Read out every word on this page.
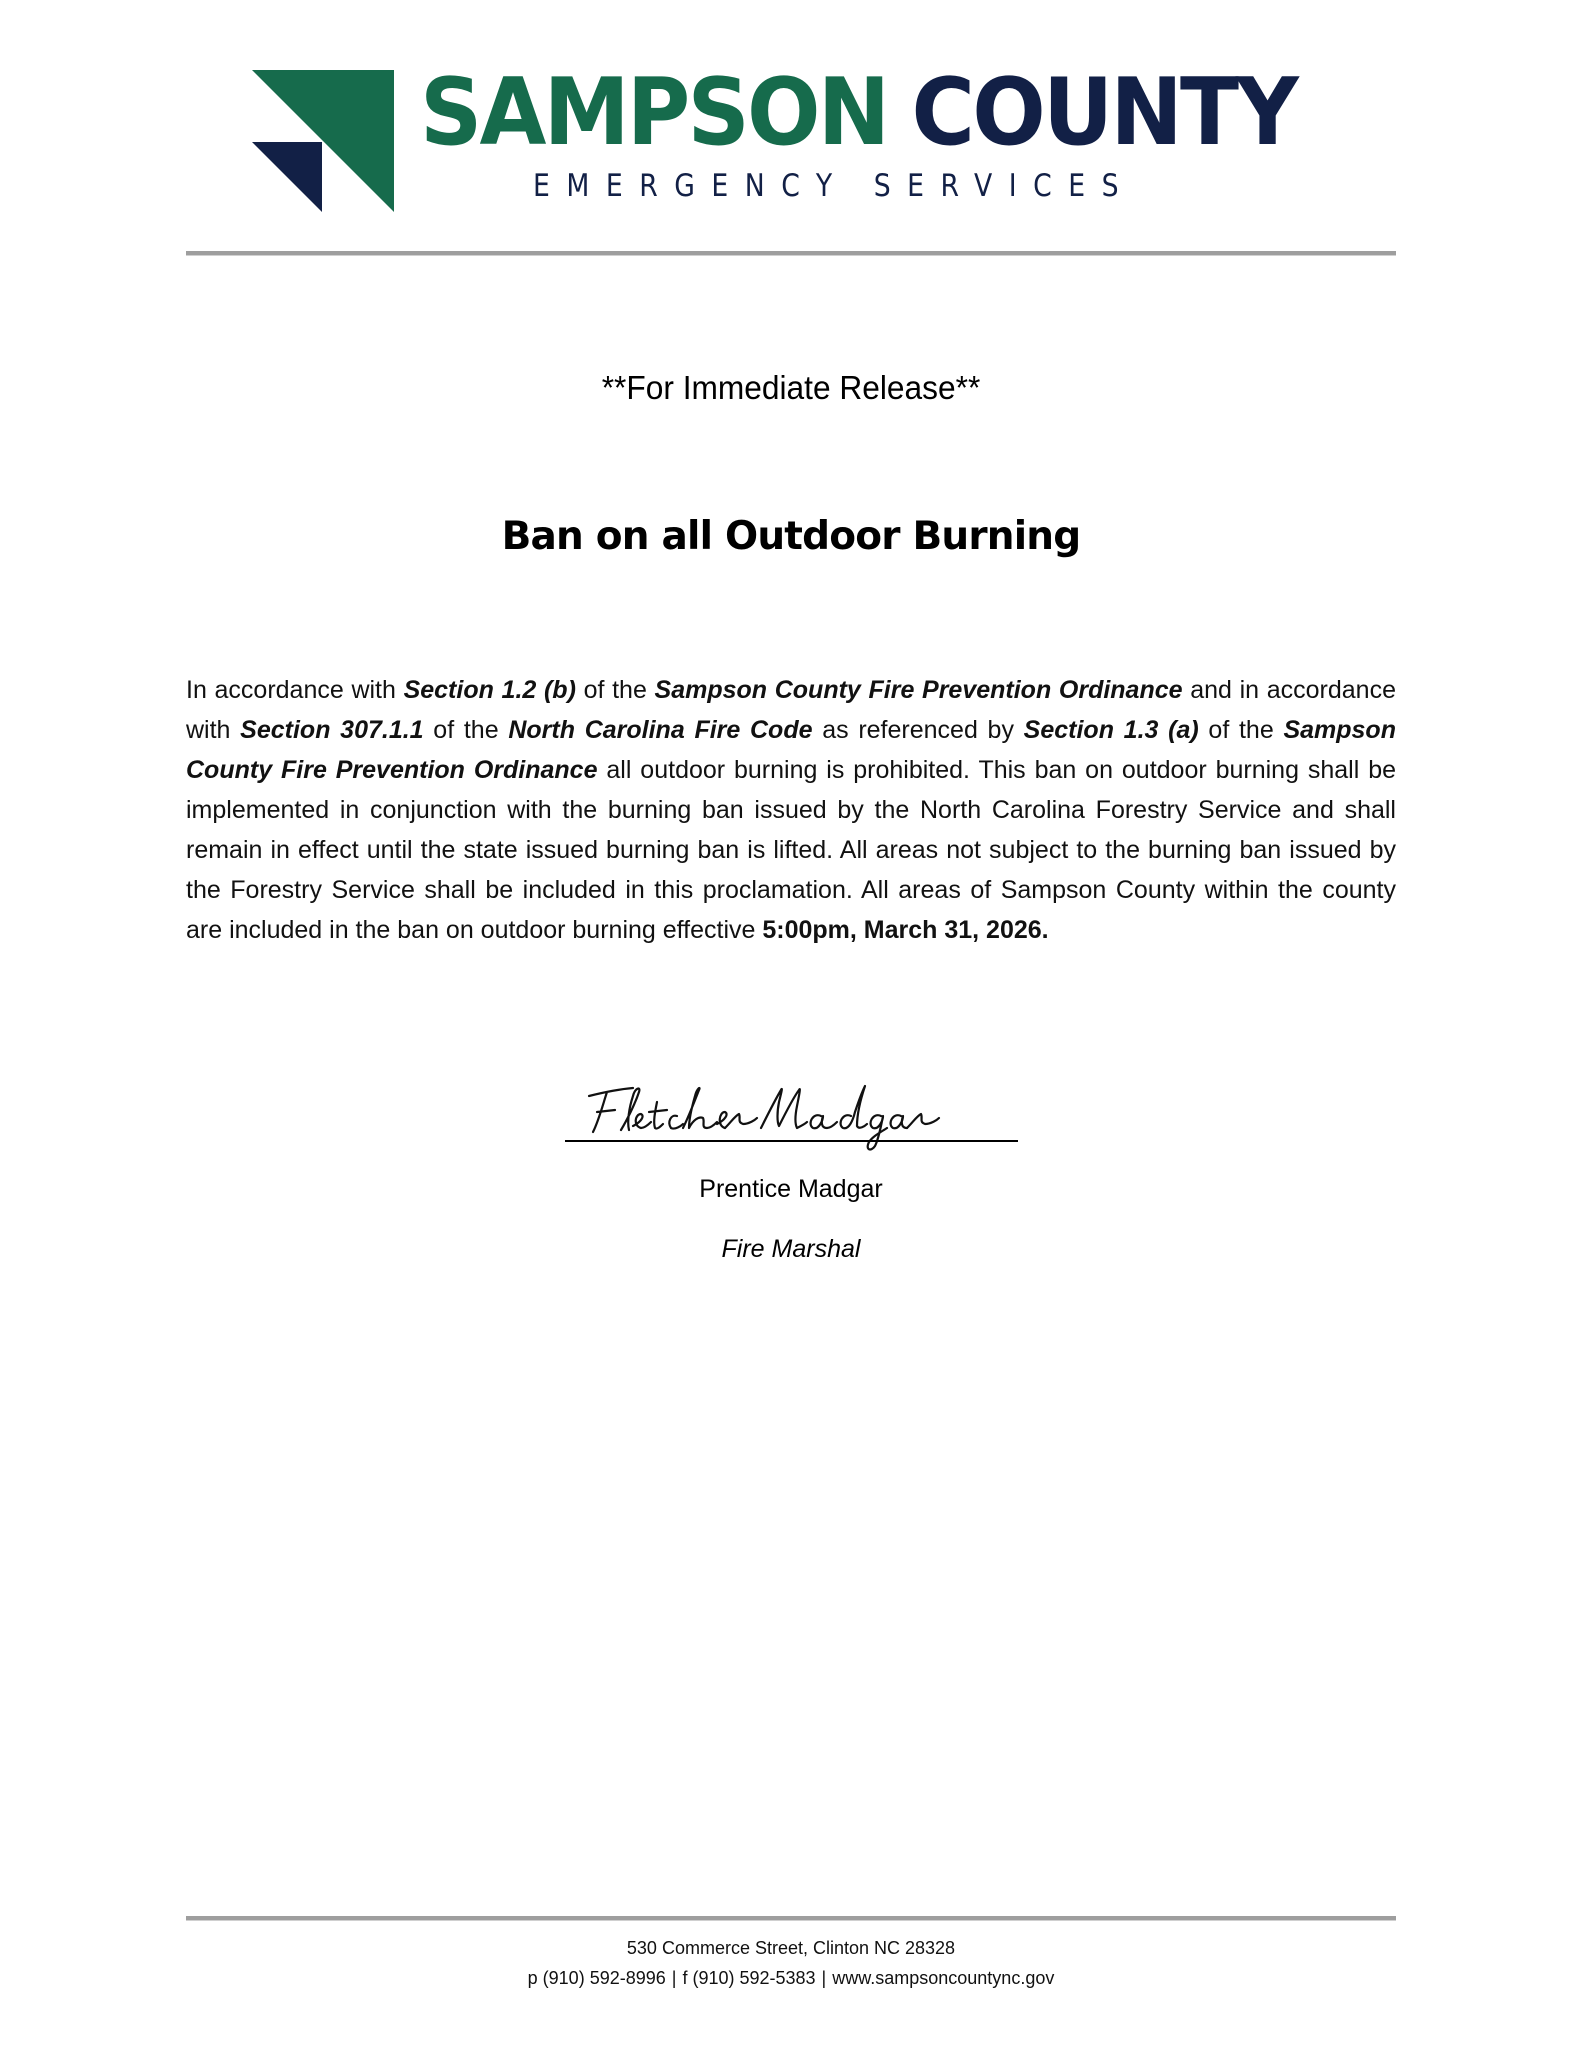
SAMPSON COUNTY
EMERGENCY SERVICES
**For Immediate Release**
Ban on all Outdoor Burning

In accordance with Section 1.2 (b) of the Sampson County Fire Prevention Ordinance and in accordance with Section 307.1.1 of the North Carolina Fire Code as referenced by Section 1.3 (a) of the Sampson County Fire Prevention Ordinance all outdoor burning is prohibited. This ban on outdoor burning shall be implemented in conjunction with the burning ban issued by the North Carolina Forestry Service and shall remain in effect until the state issued burning ban is lifted. All areas not subject to the burning ban issued by the Forestry Service shall be included in this proclamation. All areas of Sampson County within the county are included in the ban on outdoor burning effective 5:00pm, March 31, 2026.

Prentice Madgar
Fire Marshal
530 Commerce Street, Clinton NC 28328
p (910) 592-8996 | f (910) 592-5383 | www.sampsoncountync.gov
